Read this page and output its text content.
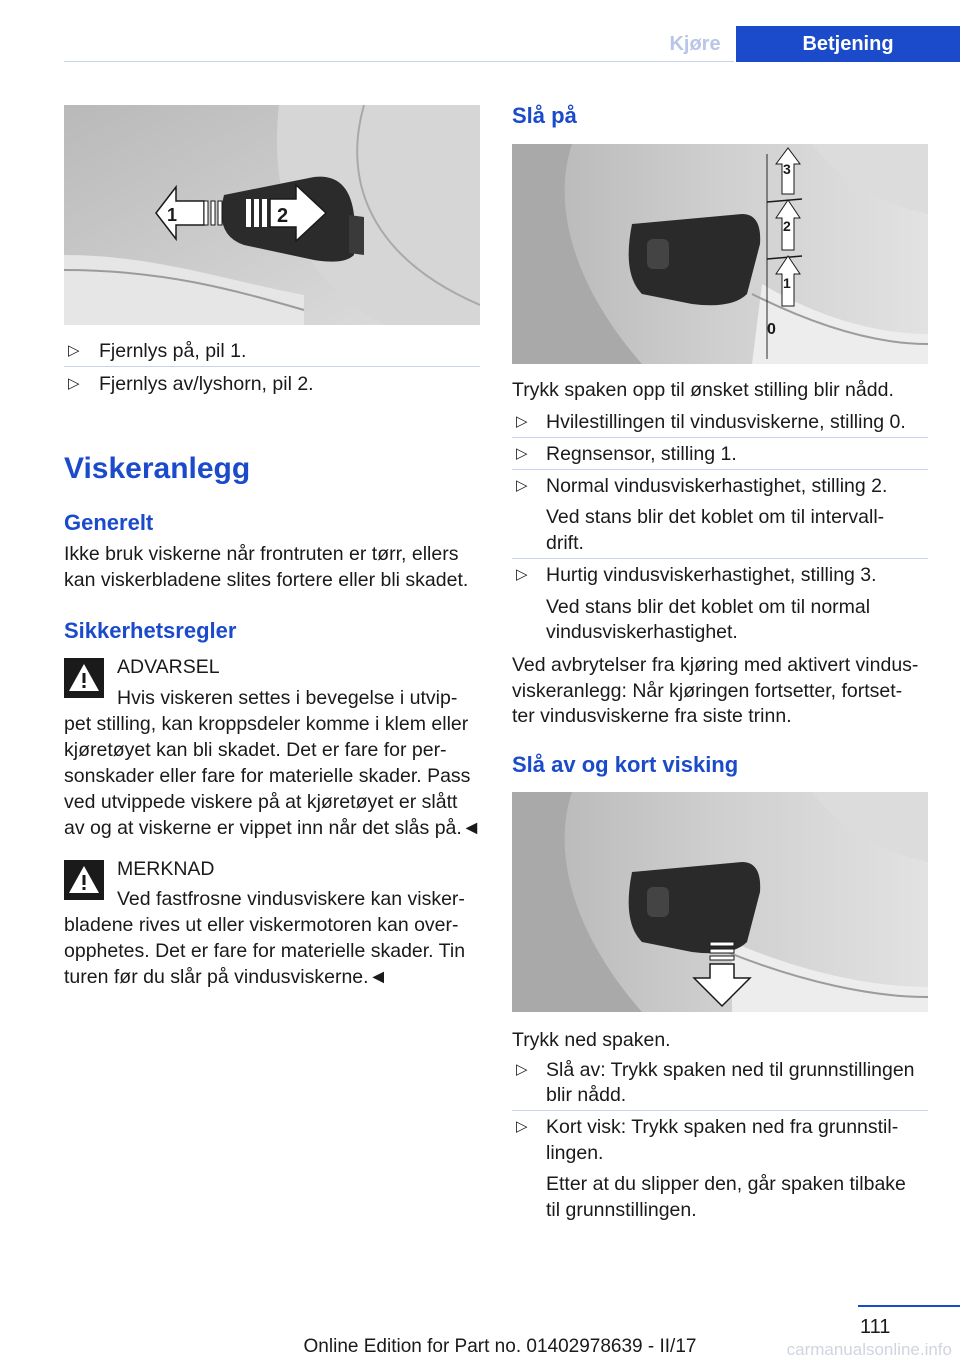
Kjøre	Betjening
1	2
▷ Fjernlys på, pil 1.
▷ Fjernlys av/lyshorn, pil 2.
Viskeranlegg
Generelt
Ikke bruk viskerne når frontruten er tørr, ellers
kan viskerbladene slites fortere eller bli skadet.
Sikkerhetsregler
ADVARSEL
Hvis viskeren settes i bevegelse i utvip-
pet stilling, kan kroppsdeler komme i klem eller
kjøretøyet kan bli skadet. Det er fare for per-
sonskader eller fare for materielle skader. Pass
ved utvippede viskere på at kjøretøyet er slått
av og at viskerne er vippet inn når det slås på.◄
MERKNAD
Ved fastfrosne vindusviskere kan visker-
bladene rives ut eller viskermotoren kan over-
opphetes. Det er fare for materielle skader. Tin
turen før du slår på vindusviskerne.◄
Slå på
3
2
1
0
Trykk spaken opp til ønsket stilling blir nådd.
▷ Hvilestillingen til vindusviskerne, stilling 0.
▷ Regnsensor, stilling 1.
▷ Normal vindusviskerhastighet, stilling 2.
Ved stans blir det koblet om til intervall-
drift.
▷ Hurtig vindusviskerhastighet, stilling 3.
Ved stans blir det koblet om til normal
vindusviskerhastighet.
Ved avbrytelser fra kjøring med aktivert vindus-
viskeranlegg: Når kjøringen fortsetter, fortset-
ter vindusviskerne fra siste trinn.
Slå av og kort visking
Trykk ned spaken.
▷ Slå av: Trykk spaken ned til grunnstillingen
blir nådd.
▷ Kort visk: Trykk spaken ned fra grunnstil-
lingen.
Etter at du slipper den, går spaken tilbake
til grunnstillingen.
111
Online Edition for Part no. 01402978639 - II/17	carmanualsonline.info
